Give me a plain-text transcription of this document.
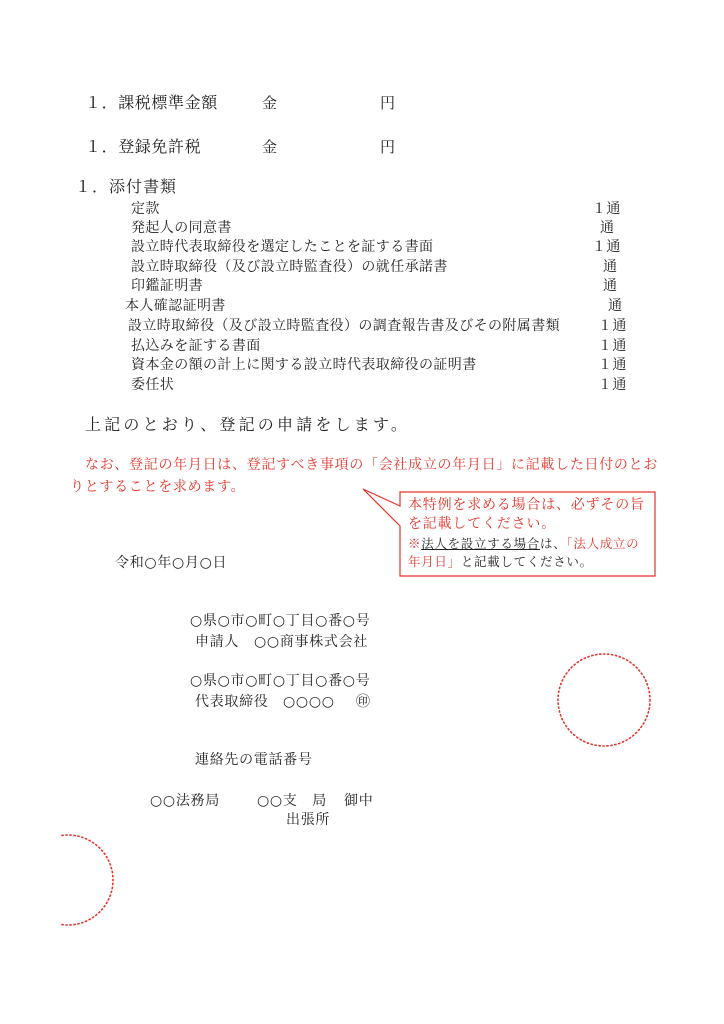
１．課税標準金額	金	円
１．登録免許税	金	円
１．添付書類
定款	１通
発起人の同意書	通
設立時代表取締役を選定したことを証する書面	１通
設立時取締役（及び設立時監査役）の就任承諾書	通
印鑑証明書	通
本人確認証明書	通
設立時取締役（及び設立時監査役）の調査報告書及びその附属書類	１通
払込みを証する書面	１通
資本金の額の計上に関する設立時代表取締役の証明書	１通
委任状	１通
上記のとおり、登記の申請をします。
なお、登記の年月日は、登記すべき事項の「会社成立の年月日」に記載した日付のとお
りとすることを求めます。
本特例を求める場合は、必ずその旨
を記載してください。
※法人を設立する場合は、「法人成立の
年月日」と記載してください。
令和○年○月○日
○県○市○町○丁目○番○号
申請人 ○○商事株式会社
○県○市○町○丁目○番○号
代表取締役 ○○○○ ㊞
連絡先の電話番号
○○法務局	○○支　局 御中
出張所
